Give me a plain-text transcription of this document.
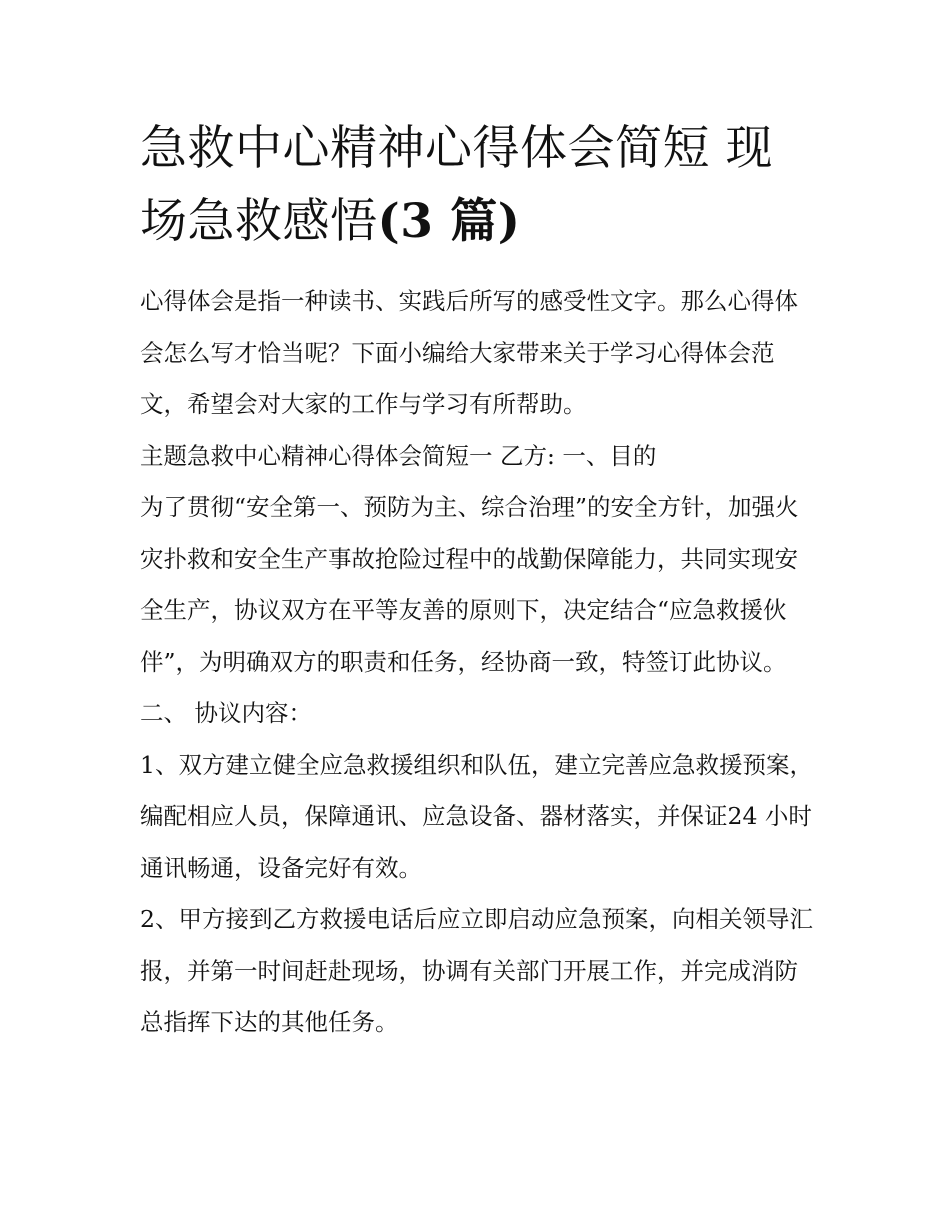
急救中心精神心得体会简短 现
场急救感悟(3 篇)

心得体会是指一种读书、实践后所写的感受性文字。那么心得体会怎么写才恰当呢？下面小编给大家带来关于学习心得体会范文，希望会对大家的工作与学习有所帮助。

主题急救中心精神心得体会简短一 乙方: 一、目的

为了贯彻“安全第一、预防为主、综合治理”的安全方针，加强火灾扑救和安全生产事故抢险过程中的战勤保障能力，共同实现安全生产，协议双方在平等友善的原则下，决定结合“应急救援伙伴”，为明确双方的职责和任务，经协商一致，特签订此协议。

二、 协议内容：

1、双方建立健全应急救援组织和队伍，建立完善应急救援预案，编配相应人员，保障通讯、应急设备、器材落实，并保证24 小时通讯畅通，设备完好有效。

2、甲方接到乙方救援电话后应立即启动应急预案，向相关领导汇报，并第一时间赶赴现场，协调有关部门开展工作，并完成消防总指挥下达的其他任务。
